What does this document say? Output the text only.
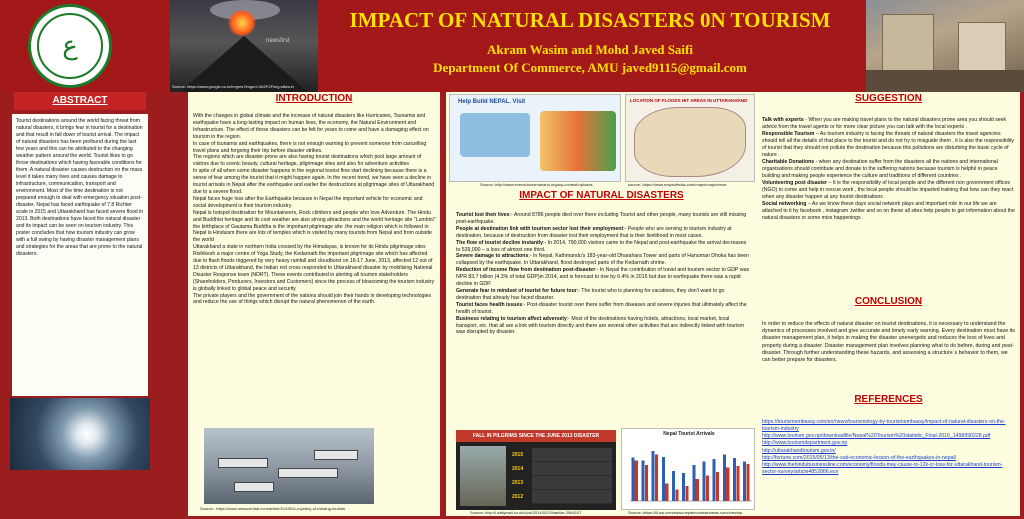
ع	newsfirst
Source- https://www.google.co.in/imgres?imgurl=3A2F2Fimg.wikiw.tv
IMPACT OF NATURAL DISASTERS 0N TOURISM
Akram Wasim and Mohd Javed Saifi
Department Of Commerce, AMU javed9115@gmail.com
ABSTRACT
Tourist destinations around the world facing threat from natural disasters, it brings fear in tourist for a destination and that result in fall down of tourist arrival. The impact of natural disasters has been profound during the last few years and this can be attributed to the changing weather pattern around the world. Tourist likes to go those destinations which having favorable conditions for them. A natural disaster causes destruction on the mass level it takes many lives and causes damage to infrastructure, communication, transport and environment. Most of the time destination is not prepared enough to deal with emergency situation post-disaster. Nepal has faced earthquake of 7.8 Richter scale in 2015 and Uttarakhand has faced severe flood in 2013. Both destinations have faced the natural disaster and its impact can be seen on tourism industry. This poster concludes that how tourism industry can grow with a full swing by having disaster management plans and strategies for the areas that are prone to the natural disasters.
INTRODUCTION

With the changes in global climate and the increase of natural disasters like Hurricanes, Tsunamis and earthquake have a long-lasting impact on human lives, the economy, the Natural Environment and Infrastructure. The effect of these disasters can be felt for years to come and have a damaging effect on tourism in the region.

In case of tsunamis and earthquakes, there is not enough warning to prevent someone from cancelling travel plans and forgoing their trip before disaster strikes.

The regions which are disaster-prone are also having tourist destinations which pool large amount of visitors due to scenic beauty, cultural heritage, pilgrimage sites and also for adventure activities

In spite of all when some disaster happens in the regional tourist flow start declining because there is a sense of fear among the tourist that it might happen again. In the recent trend, we have seen a decline in tourist arrivals in Nepal after the earthquake and earlier the destructions at pilgrimage sites of Uttarakhand due to a severe flood.

Nepal faces huge loss after the Earthquake because in Nepal the important vehicle for economic and social development is their tourism industry.

Nepal is hotspot destination for Mountaineers, Rock climbers and people who love Adventure. The Hindu and Buddhist heritage and its cool weather are also strong attractions and the world heritage site "Lumbini" the birthplace of Gautama Buddha is the important pilgrimage site .the main religion which is followed in Nepal is Hinduism there are lots of temples which is visited by many tourists from Nepal and from outside the world

Uttarakhand a state in northern India crossed by the Himalayas, is known for its Hindu pilgrimage sites Rishikesh a major centre of Yoga Study, the Kedarnath the important pilgrimage site which has affected due to flash floods triggered by very heavy rainfall and cloudburst on 16-17 June, 2013, affected 12 out of 13 districts of Uttarakhand, the Indian red cross responded to Uttarakhand disaster by mobilising National Disaster Response team (NDRT). These events contributed in alerting all tourism stakeholders (Shareholders, Producers, Investors and Customers) since the process of blossoming the tourism industry is globally linked to global peace and security

The private players and the government of the nations should join their hands in developing technologies and reduce the use of things which disrupt the natural phenomenon of the earth.

Source:- https://www.newscentral.com/article/2143611-mystery-of-missing-tourists
Help Build NEPAL. Visit
Source:-http://www.evensdoursmanand.org/wp-content/uploads
LOCATION OF FLOODS HIT AREAS IN UTTARAKHAND
source:-https://www.mapsofindia.com/maps/maps/news
IMPACT OF NATURAL DISASTERS

Tourist lost their lives:- Around 8786 people died over there including Tourist and other people, many tourists are still missing post-earthquake.

People at destination link with tourism sector lost their employment:- People who are serving to tourism industry at destination, because of destruction from disaster lost their employment that is their livelihood in most cases.

The flow of tourist decline instantly:- In 2014, 790,000 visitors came to the Nepal and post-earthquake the arrival decreases to 539,000 – a loss of almost one third.

Severe damage to attractions:- In Nepal, Kathmandu's 183-year-old Dharahara Tower and parts of Hanuman Dhoka has been collapsed by the earthquake. In Uttarakhand, flood destroyed parts of the Kedarnath shrine.

Reduction of income flow from destination post-disaster:- In Nepal the contribution of travel and tourism sector to GDP was NPR 83.7 billion (4.3% of total GDP)in 2014, and is forecast to rise by 6.4% in 2015 but due to earthquake there was a rapid decline in GDP.

Generate fear in mindset of tourist for future tour:- The tourist who is planning for vacations, they don't want to go destination that already has faced disaster.

Tourist faces health issues:- Post-disaster tourist over there suffer from diseases and severe injuries that ultimately affect the health of tourist.

Business relating to tourism affect adversely:- Most of the destinations having hotels, attractions, local market, local transport, etc. that all are a link with tourism directly and there are several other activities that are indirectly linked with tourism was disrupted by disaster.

FALL IN PILGRIMS SINCE THE JUNE 2013 DISASTER
2015
2014
2013
2012
Source:-http://i.dailymail.co.uk/i/pix/2014/02/29/article-2564107
Nepal Tourist Arrivals
Source:-https://lii.wp.com/www.nepalmountainnews.com/cms/wp
SUGGESTION

Talk with experts - When you are making travel plans to the natural disasters prone area you should seek advice from the travel agents or for more clear picture you can talk with the local experts .

Responsible Tourism – As tourism industry is facing the threats of natural disasters the travel agencies should tell all the details of that place to the tourist and do not try to misguide them , it is also the responsibility of tourist that they should not pollute the destination because this pollutions are disturbing the basic cycle of nature .

Charitable Donations - when any destination suffer from the disasters all the nations and international organisations should contribute and donate to the suffering nations because tourism is helpful in peace building and making people experience the culture and traditions of different countries .

Volunteering post disaster – It is the responsibility of local people and the different non government offices (NGO) to come and help in rescue work , the local people should be imparted training that how can they react when any disaster happen at any tourist destinations .

Social networking – As we know these days social network plays and important role in our life we are attached to it by facebook , instagram ,twitter and so on these all sites help people to get information about the natural disasters or some miss happenings .

CONCLUSION
In order to reduce the effects of natural disaster on tourist destinations, it is necessary to understand the dynamics of processes involved and give accurate and timely early warning. Every destination must have its disaster management plan, it helps in making the disaster unenergetic and reduces the loss of lives and property during a disaster. Disaster management plan involves planning what to do before, during and post-disaster. Through further understanding these hazards, and assessing a structure`s behavior to them, we can better prepare for disasters.
REFERENCES
https://tourismembassy.com/en/news/tourismology-by-tourismembassy/impact-of-natural-disasters-on-the-tourism-industry
http://www.tourism.gov.np/downloadfile/Nepal%20Tourism%20statistic_Final-2016_1498990228.pdf
http://www.tourismdepartment.gov.np
http://uttarakhandtourism.gov.in/
http://fortune.com/2015/05/13/the-sad-economic-lesson-of-the-earthquakes-in-nepal/
http://www.thehindubusinessline.com/economy/floods-may-cause-rs-12k-cr-loss-for-uttarakhand-tourism-sector-survey/article4852866.ece
